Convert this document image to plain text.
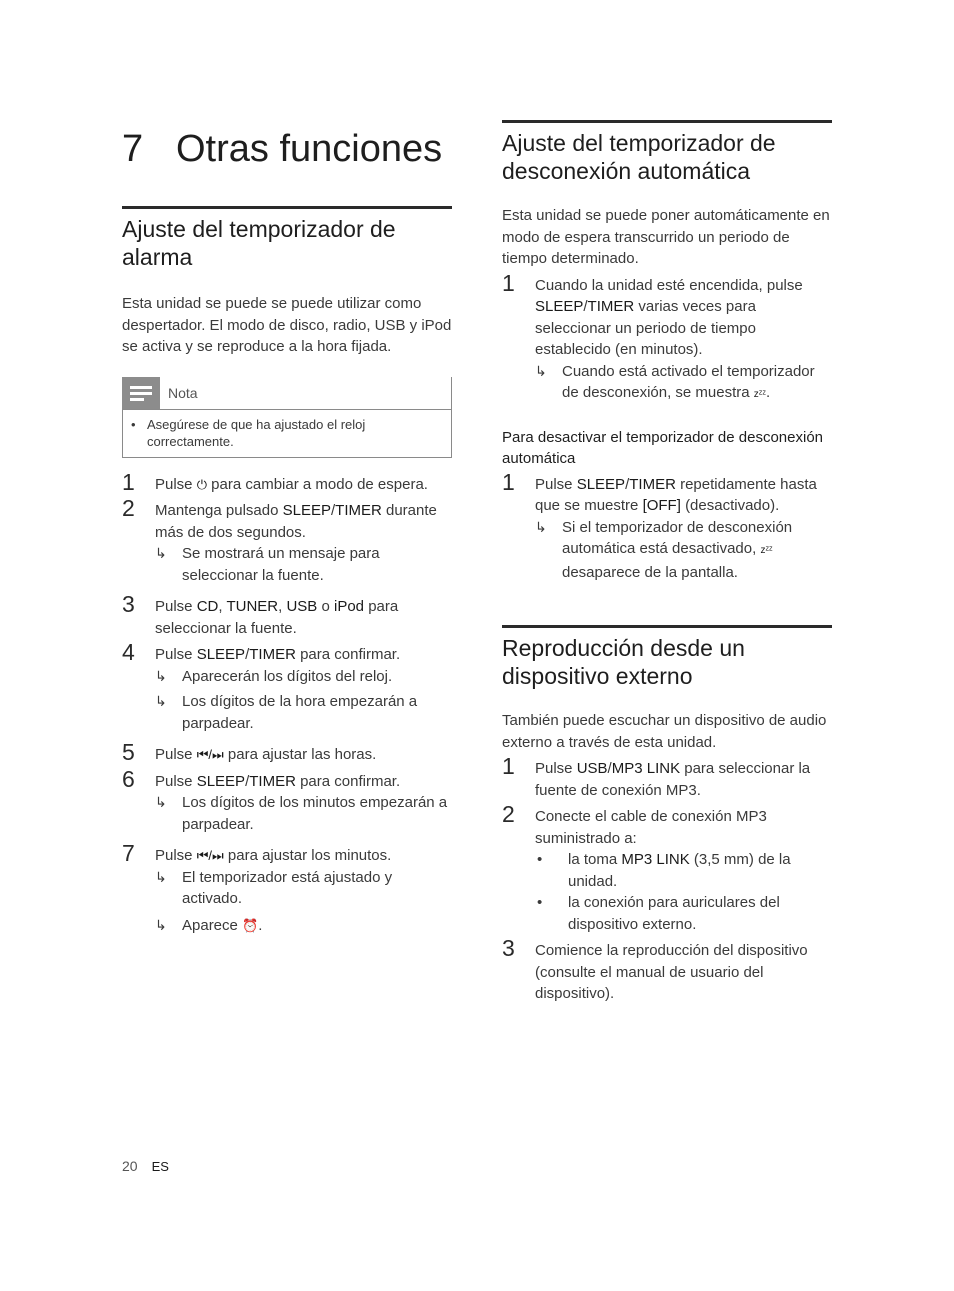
7 Otras funciones
Ajuste del temporizador de alarma

Esta unidad se puede se puede utilizar como despertador. El modo de disco, radio, USB y iPod se activa y se reproduce a la hora fijada.

Nota
• Asegúrese de que ha ajustado el reloj correctamente.
1 Pulse ⏻ para cambiar a modo de espera.
2 Mantenga pulsado SLEEP/TIMER durante más de dos segundos.
↳ Se mostrará un mensaje para seleccionar la fuente.
3 Pulse CD, TUNER, USB o iPod para seleccionar la fuente.
4 Pulse SLEEP/TIMER para confirmar.
↳ Aparecerán los dígitos del reloj.
↳ Los dígitos de la hora empezarán a parpadear.
5 Pulse ⏮/⏭ para ajustar las horas.
6 Pulse SLEEP/TIMER para confirmar.
↳ Los dígitos de los minutos empezarán a parpadear.
7 Pulse ⏮/⏭ para ajustar los minutos.
↳ El temporizador está ajustado y activado.
↳ Aparece ⏰.
Ajuste del temporizador de desconexión automática

Esta unidad se puede poner automáticamente en modo de espera transcurrido un periodo de tiempo determinado.

1 Cuando la unidad esté encendida, pulse SLEEP/TIMER varias veces para seleccionar un periodo de tiempo establecido (en minutos).
↳ Cuando está activado el temporizador de desconexión, se muestra zᶻᶻ.

Para desactivar el temporizador de desconexión automática

1 Pulse SLEEP/TIMER repetidamente hasta que se muestre [OFF] (desactivado).
↳ Si el temporizador de desconexión automática está desactivado, zᶻᶻ desaparece de la pantalla.
Reproducción desde un dispositivo externo

También puede escuchar un dispositivo de audio externo a través de esta unidad.

1 Pulse USB/MP3 LINK para seleccionar la fuente de conexión MP3.
2 Conecte el cable de conexión MP3 suministrado a:
• la toma MP3 LINK (3,5 mm) de la unidad.
• la conexión para auriculares del dispositivo externo.
3 Comience la reproducción del dispositivo (consulte el manual de usuario del dispositivo).
20 ES
